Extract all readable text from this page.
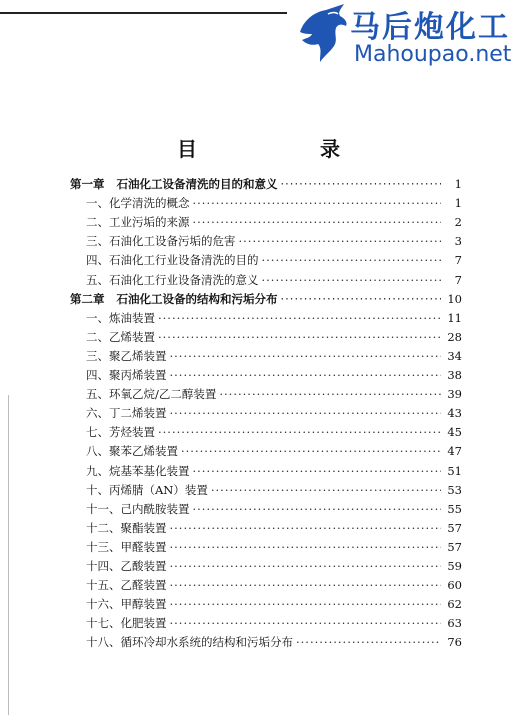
马后炮化工
Mahoupao.net
目 录
第一章 石油化工设备清洗的目的和意义 ·····	1
一、 化学清洗的概念 ·····	1
二、 工业污垢的来源 ·····	2
三、 石油化工设备污垢的危害 ·····	3
四、 石油化工行业设备清洗的目的 ·····	7
五、 石油化工行业设备清洗的意义 ·····	7
第二章 石油化工设备的结构和污垢分布 ·····	10
一、 炼油装置 ·····	11
二、 乙烯装置 ·····	28
三、 聚乙烯装置 ·····	34
四、 聚丙烯装置 ·····	38
五、 环氧乙烷/乙二醇装置 ·····	39
六、 丁二烯装置 ·····	43
七、 芳烃装置 ·····	45
八、 聚苯乙烯装置 ·····	47
九、 烷基苯基化装置 ·····	51
十、 丙烯腈（AN）装置 ·····	53
十一、 己内酰胺装置 ·····	55
十二、 聚酯装置 ·····	57
十三、 甲醛装置 ·····	57
十四、 乙酸装置 ·····	59
十五、 乙醛装置 ·····	60
十六、 甲醇装置 ·····	62
十七、 化肥装置 ·····	63
十八、 循环冷却水系统的结构和污垢分布 ·····	76
